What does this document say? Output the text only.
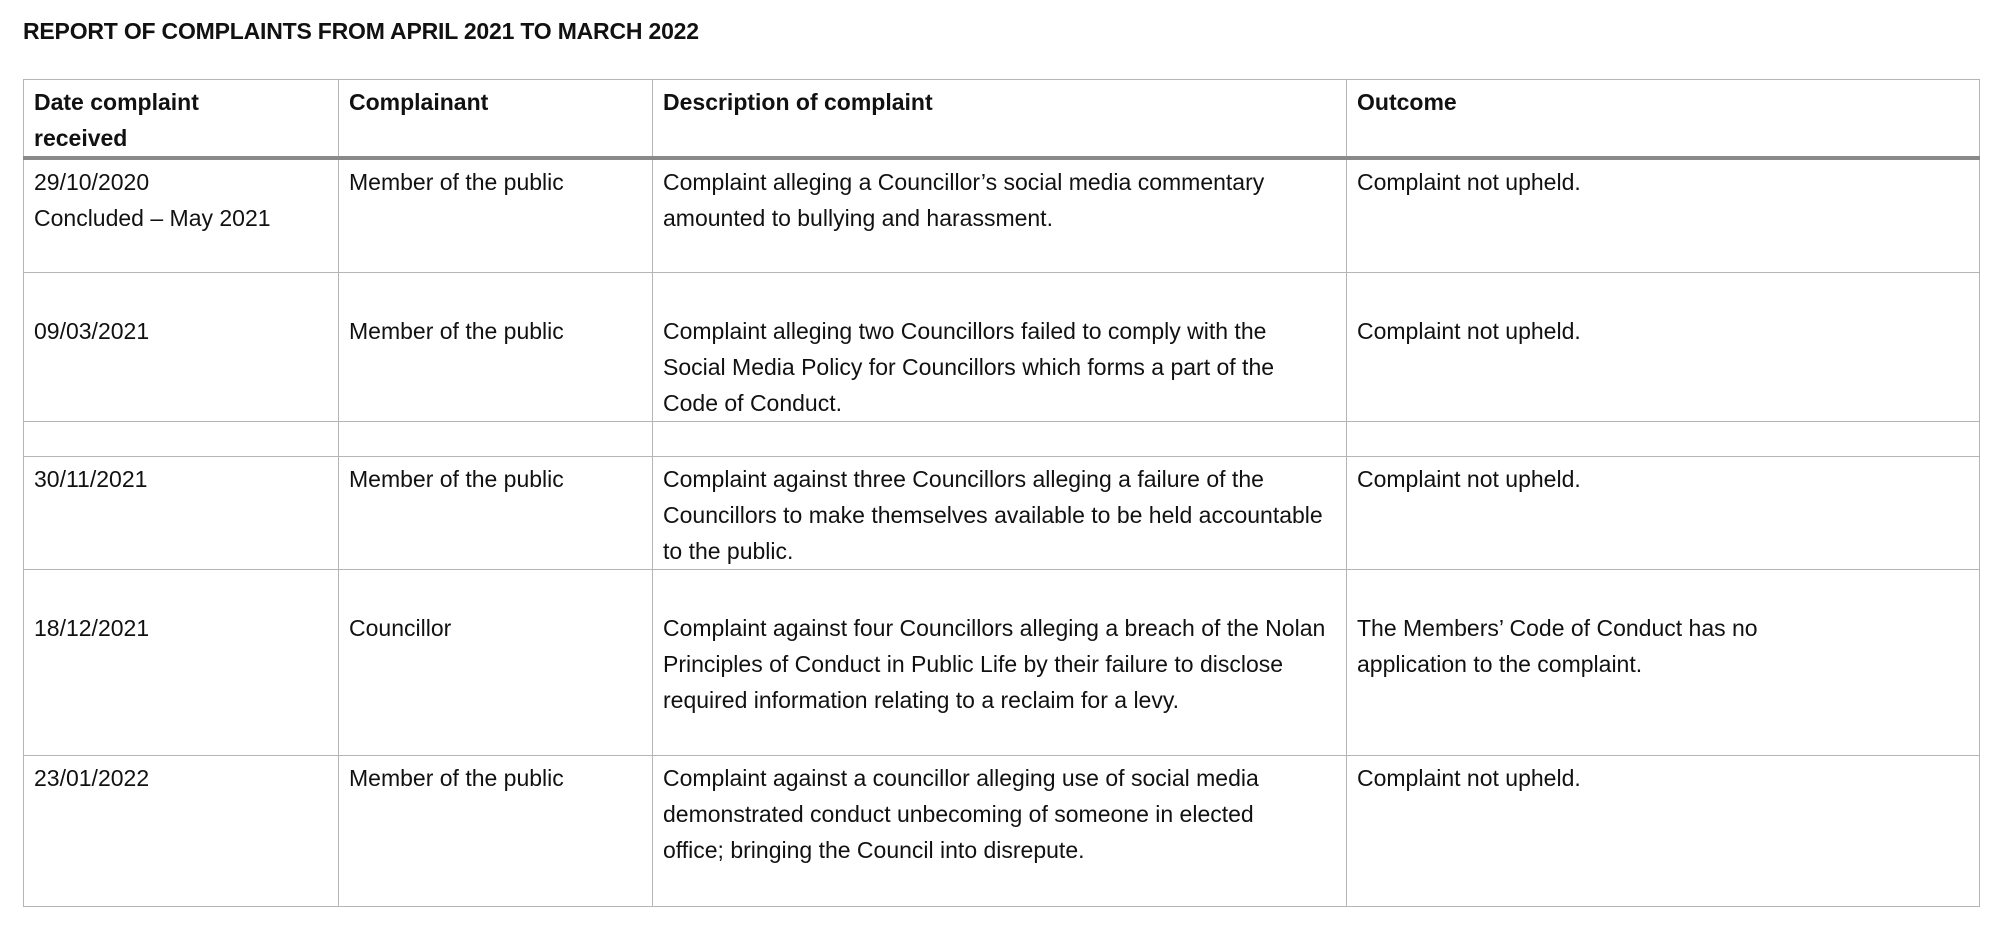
REPORT OF COMPLAINTS FROM APRIL 2021 TO MARCH 2022
Date complaint received	Complainant	Description of complaint	Outcome

29/10/2020
Concluded – May 2021	Member of the public	Complaint alleging a Councillor’s social media commentary amounted to bullying and harassment.	Complaint not upheld.
09/03/2021	Member of the public	Complaint alleging two Councillors failed to comply with the Social Media Policy for Councillors which forms a part of the Code of Conduct.	Complaint not upheld.

30/11/2021	Member of the public	Complaint against three Councillors alleging a failure of the Councillors to make themselves available to be held accountable to the public.	Complaint not upheld.
18/12/2021	Councillor	Complaint against four Councillors alleging a breach of the Nolan Principles of Conduct in Public Life by their failure to disclose required information relating to a reclaim for a levy.	The Members’ Code of Conduct has no application to the complaint.
23/01/2022	Member of the public	Complaint against a councillor alleging use of social media demonstrated conduct unbecoming of someone in elected office; bringing the Council into disrepute.	Complaint not upheld.
